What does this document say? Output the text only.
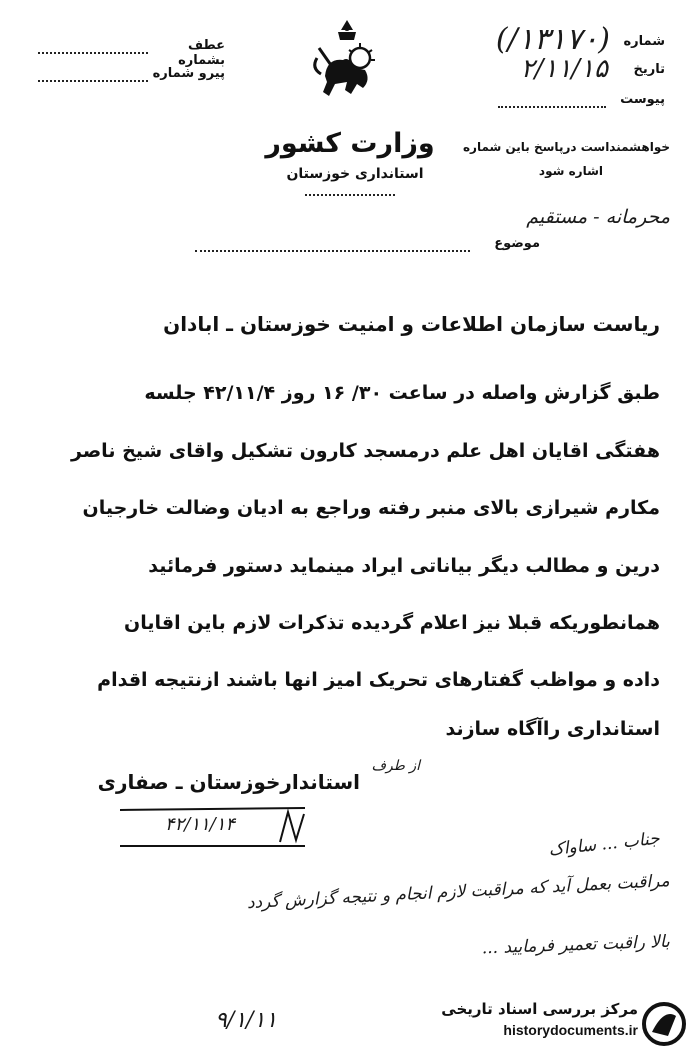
عطف بشماره
پیرو شماره
شماره
(۱۳۱۷۰/)
تاریخ
۲/۱۱/۱۵
پیوست
وزارت کشور
استانداری خوزستان
خواهشمنداست درپاسخ باین شماره
اشاره شود
محرمانه - مستقیم
موضوع
ریاست سازمان اطلاعات و امنیت خوزستان ـ ابادان
طبق گزارش واصله در ساعت ۳۰/ ۱۶ روز ۴۲/۱۱/۴ جلسه
هفتگی اقایان اهل علم درمسجد کارون تشکیل واقای شیخ ناصر
مکارم شیرازی بالای منبر رفته وراجع به ادیان وضالت خارجیان
درین و مطالب دیگر بیاناتی ایراد مینماید دستور فرمائید
همانطوریکه قبلا نیز اعلام گردیده تذکرات لازم باین اقایان
داده و مواظب گفتارهای تحریک امیز انها باشند ازنتیجه اقدام
استانداری راآگاه سازند
از طرف
استاندارخوزستان ـ صفاری
۴۲/۱۱/۱۴
جناب ... ساواک
مراقبت بعمل آید که مراقبت لازم انجام و نتیجه گزارش گردد
بالا راقبت تعمیر فرمایید ...
۹/۱/۱۱	مرکز بررسی اسناد تاریخی
historydocuments.ir
